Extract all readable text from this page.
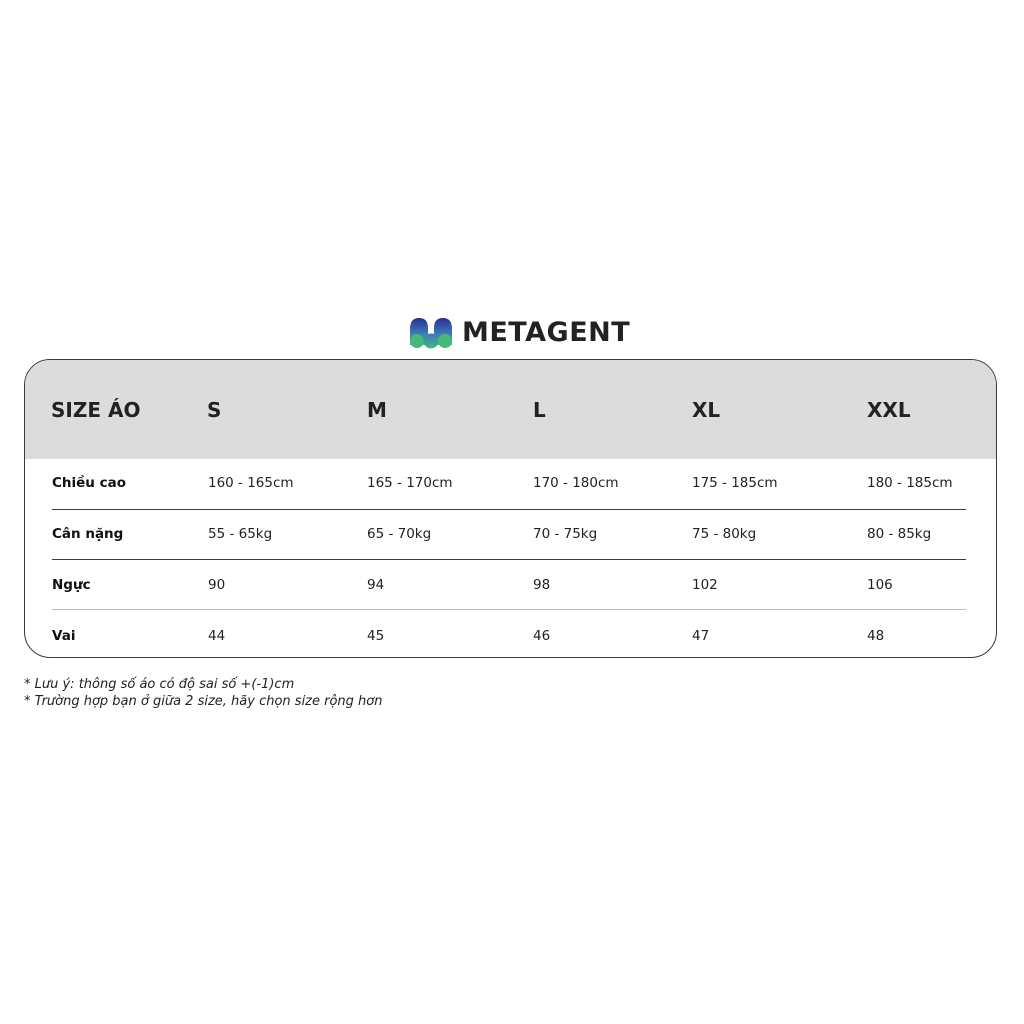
METAGENT
SIZE ÁO	S	M	L	XL	XXL
Chiều cao	160 - 165cm	165 - 170cm	170 - 180cm	175 - 185cm	180 - 185cm
Cân nặng	55 - 65kg	65 - 70kg	70 - 75kg	75 - 80kg	80 - 85kg
Ngực	90	94	98	102	106
Vai	44	45	46	47	48
* Lưu ý: thông số áo có độ sai số +(-1)cm
* Trường hợp bạn ở giữa 2 size, hãy chọn size rộng hơn
